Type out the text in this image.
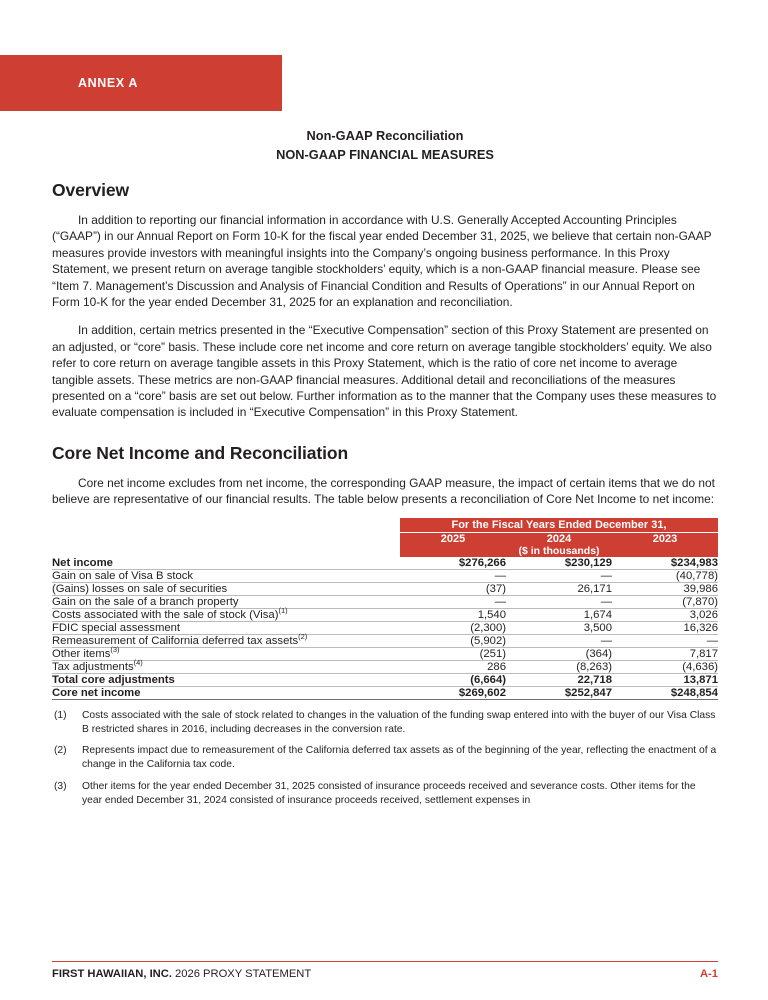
ANNEX A
Non-GAAP Reconciliation
NON-GAAP FINANCIAL MEASURES
Overview

In addition to reporting our financial information in accordance with U.S. Generally Accepted Accounting Principles (“GAAP”) in our Annual Report on Form 10-K for the fiscal year ended December 31, 2025, we believe that certain non-GAAP measures provide investors with meaningful insights into the Company’s ongoing business performance. In this Proxy Statement, we present return on average tangible stockholders’ equity, which is a non-GAAP financial measure. Please see “Item 7. Management’s Discussion and Analysis of Financial Condition and Results of Operations” in our Annual Report on Form 10-K for the year ended December 31, 2025 for an explanation and reconciliation.

In addition, certain metrics presented in the “Executive Compensation” section of this Proxy Statement are presented on an adjusted, or “core” basis. These include core net income and core return on average tangible stockholders’ equity. We also refer to core return on average tangible assets in this Proxy Statement, which is the ratio of core net income to average tangible assets. These metrics are non-GAAP financial measures. Additional detail and reconciliations of the measures presented on a “core” basis are set out below. Further information as to the manner that the Company uses these measures to evaluate compensation is included in “Executive Compensation” in this Proxy Statement.

Core Net Income and Reconciliation

Core net income excludes from net income, the corresponding GAAP measure, the impact of certain items that we do not believe are representative of our financial results. The table below presents a reconciliation of Core Net Income to net income:

	For the Fiscal Years Ended December 31,		
	2025	2024	2023
	($ in thousands)		
Net income	$276,266	$230,129	$234,983
Gain on sale of Visa B stock	—	—	(40,778)
(Gains) losses on sale of securities	(37)	26,171	39,986
Gain on the sale of a branch property	—	—	(7,870)
Costs associated with the sale of stock (Visa)$^{(1)}$	1,540	1,674	3,026
FDIC special assessment	(2,300)	3,500	16,326
Remeasurement of California deferred tax assets$^{(2)}$	(5,902)	—	—
Other items$^{(3)}$	(251)	(364)	7,817
Tax adjustments$^{(4)}$	286	(8,263)	(4,636)
Total core adjustments	(6,664)	22,718	13,871
Core net income	$269,602	$252,847	$248,854
(1)	Costs associated with the sale of stock related to changes in the valuation of the funding swap entered into with the buyer of our Visa Class B restricted shares in 2016, including decreases in the conversion rate.
(2)	Represents impact due to remeasurement of the California deferred tax assets as of the beginning of the year, reflecting the enactment of a change in the California tax code.
(3)	Other items for the year ended December 31, 2025 consisted of insurance proceeds received and severance costs. Other items for the year ended December 31, 2024 consisted of insurance proceeds received, settlement expenses in
FIRST HAWAIIAN, INC. 2026 PROXY STATEMENT	A-1
